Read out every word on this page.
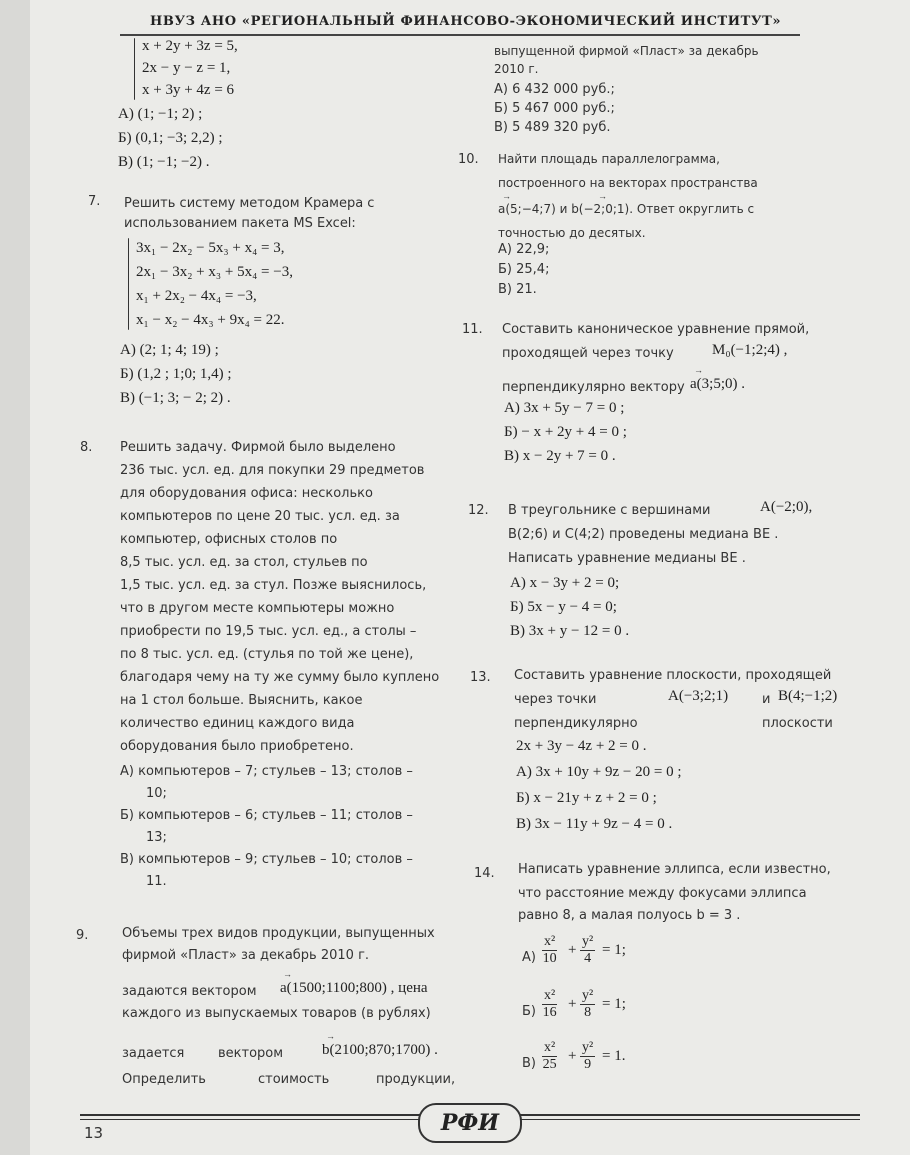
НВУЗ АНО «РЕГИОНАЛЬНЫЙ ФИНАНСОВО-ЭКОНОМИЧЕСКИЙ ИНСТИТУТ»
x + 2y + 3z = 5,
2x − y − z = 1,
x + 3y + 4z = 6
А) (1; −1; 2) ;
Б) (0,1; −3; 2,2) ;
В) (1; −1; −2) .
7. Решить систему методом Крамера с
использованием пакета MS Excel:
3x₁ − 2x₂ − 5x₃ + x₄ = 3,
2x₁ − 3x₂ + x₃ + 5x₄ = −3,
x₁ + 2x₂ − 4x₄ = −3,
x₁ − x₂ − 4x₃ + 9x₄ = 22.
А) (2; 1; 4; 19) ;
Б) (1,2 ; 1;0; 1,4) ;
В) (−1; 3; − 2; 2) .
8. Решить задачу. Фирмой было выделено
236 тыс. усл. ед. для покупки 29 предметов
для оборудования офиса: несколько
компьютеров по цене 20 тыс. усл. ед. за
компьютер, офисных столов по
8,5 тыс. усл. ед. за стол, стульев по
1,5 тыс. усл. ед. за стул. Позже выяснилось,
что в другом месте компьютеры можно
приобрести по 19,5 тыс. усл. ед., а столы –
по 8 тыс. усл. ед. (стулья по той же цене),
благодаря чему на ту же сумму было куплено
на 1 стол больше. Выяснить, какое
количество единиц каждого вида
оборудования было приобретено.
А) компьютеров – 7; стульев – 13; столов –
10;
Б) компьютеров – 6; стульев – 11; столов –
13;
В) компьютеров – 9; стульев – 10; столов –
11.
9.	Объемы трех видов продукции, выпущенных
фирмой «Пласт» за декабрь 2010 г.
задаются вектором
→
a(1500;1100;800) , цена
каждого из выпускаемых товаров (в рублях)
задается	вектором
→
b(2100;870;1700) .
Определить	стоимость	продукции,
выпущенной фирмой «Пласт» за декабрь
2010 г.
А) 6 432 000 руб.;
Б) 5 467 000 руб.;
В) 5 489 320 руб.
10. Найти площадь параллелограмма,
построенного на векторах пространства
→	→
a(5;−4;7) и b(−2;0;1). Ответ округлить с
точностью до десятых.
А) 22,9;
Б) 25,4;
В) 21.
11. Составить каноническое уравнение прямой,
проходящей через точку	M₀(−1;2;4) ,
перпендикулярно вектору
→
a(3;5;0) .
А) 3x + 5y − 7 = 0 ;
Б) − x + 2y + 4 = 0 ;
В) x − 2y + 7 = 0 .
12. В треугольнике с вершинами	A(−2;0),
B(2;6) и C(4;2) проведены медиана BE .
Написать уравнение медианы BE .
А) x − 3y + 2 = 0;
Б) 5x − y − 4 = 0;
В) 3x + y − 12 = 0 .
13. Составить уравнение плоскости, проходящей
через точки	A(−3;2;1)	и B(4;−1;2)
перпендикулярно	плоскости
2x + 3y − 4z + 2 = 0 .
А) 3x + 10y + 9z − 20 = 0 ;
Б) x − 21y + z + 2 = 0 ;
В) 3x − 11y + 9z − 4 = 0 .
14. Написать уравнение эллипса, если известно,
что расстояние между фокусами эллипса
равно 8, а малая полуось b = 3 .
$А) \frac{\text{x²}}{10} + \frac{\text{y²}}{4} = 1$;
$Б) \frac{\text{x²}}{16} + \frac{\text{y²}}{8} = 1$;
$В) \frac{\text{x²}}{25} + \frac{\text{y²}}{9} = 1$.
РФИ
13
